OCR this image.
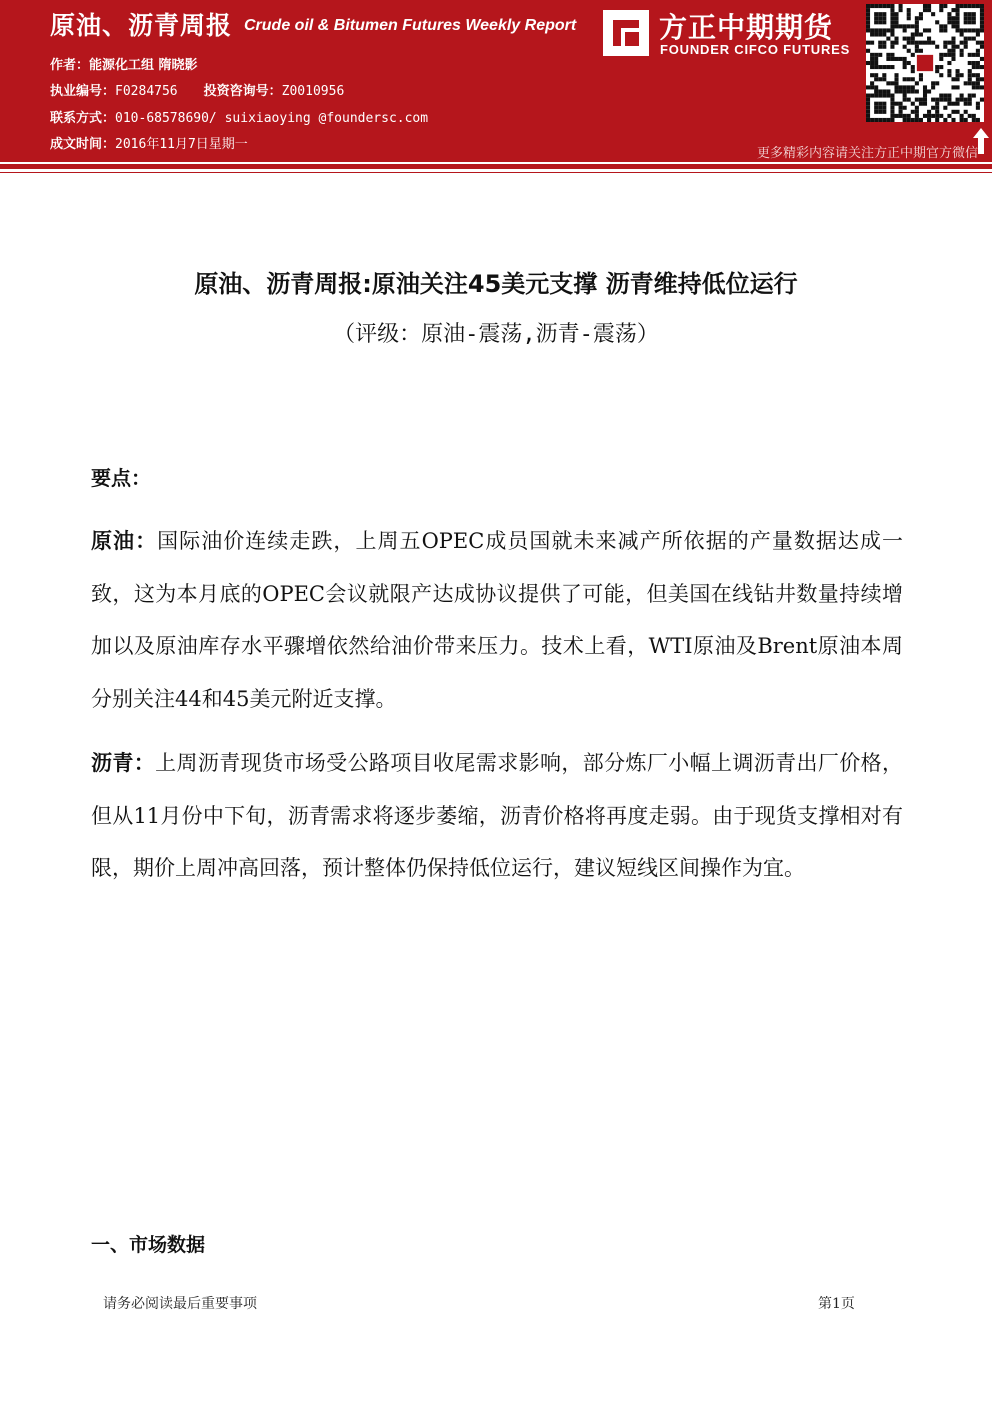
原油、沥青周报 Crude oil & Bitumen Futures Weekly Report
作者：能源化工组 隋晓影
执业编号：F0284756 投资咨询号：Z0010956
联系方式：010-68578690/ suixiaoying @foundersc.com
成文时间：2016年11月7日星期一
方正中期期货
FOUNDER CIFCO FUTURES
更多精彩内容请关注方正中期官方微信
原油、沥青周报:原油关注45美元支撑 沥青维持低位运行
（评级：原油-震荡,沥青-震荡）
要点：
原油：国际油价连续走跌，上周五OPEC成员国就未来减产所依据的产量数据达成一致，这为本月底的OPEC会议就限产达成协议提供了可能，但美国在线钻井数量持续增加以及原油库存水平骤增依然给油价带来压力。技术上看，WTI原油及Brent原油本周分别关注44和45美元附近支撑。
沥青：上周沥青现货市场受公路项目收尾需求影响，部分炼厂小幅上调沥青出厂价格，但从11月份中下旬，沥青需求将逐步萎缩，沥青价格将再度走弱。由于现货支撑相对有限，期价上周冲高回落，预计整体仍保持低位运行，建议短线区间操作为宜。
一、市场数据
请务必阅读最后重要事项	第1页
